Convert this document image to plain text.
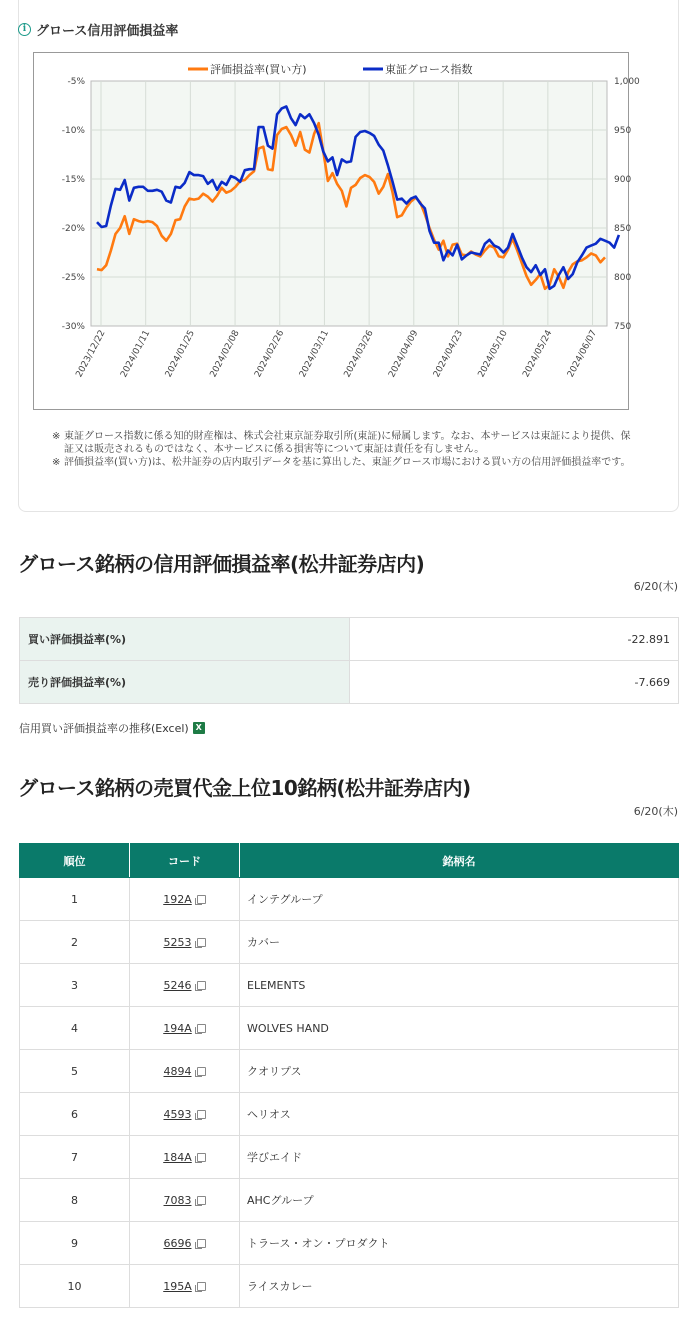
i グロース信用評価損益率
-5%	1,000
-10%	950
-15%	900
-20%	850
-25%	800
-30%	750
2023/12/22 2024/01/11 2024/01/25 2024/02/08 2024/02/26 2024/03/11 2024/03/26 2024/04/09 2024/04/23 2024/05/10 2024/05/24 2024/06/07
評価損益率(買い方)	東証グロース指数
※ 東証グロース指数に係る知的財産権は、株式会社東京証券取引所(東証)に帰属します。なお、本サービスは東証により提供、保証又は販売されるものではなく、本サービスに係る損害等について東証は責任を有しません。
※ 評価損益率(買い方)は、松井証券の店内取引データを基に算出した、東証グロース市場における買い方の信用評価損益率です。
グロース銘柄の信用評価損益率(松井証券店内)
6/20(木)
買い評価損益率(%)	-22.891
売り評価損益率(%)	-7.669
信用買い評価損益率の推移(Excel) X
グロース銘柄の売買代金上位10銘柄(松井証券店内)
6/20(木)
順位	コード	銘柄名
1	192A	インテグループ
2	5253	カバー
3	5246	ELEMENTS
4	194A	WOLVES HAND
5	4894	クオリプス
6	4593	ヘリオス
7	184A	学びエイド
8	7083	AHCグループ
9	6696	トラース・オン・プロダクト
10	195A	ライスカレー
